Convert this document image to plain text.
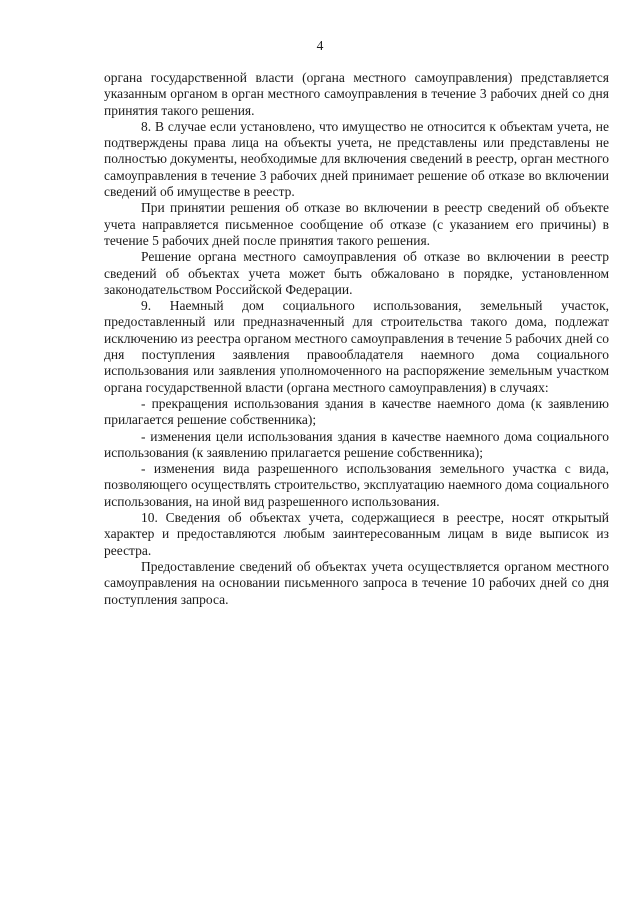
4

органа государственной власти (органа местного самоуправления) представляется указанным органом в орган местного самоуправления в течение 3 рабочих дней со дня принятия такого решения.

8. В случае если установлено, что имущество не относится к объектам учета, не подтверждены права лица на объекты учета, не представлены или представлены не полностью документы, необходимые для включения сведений в реестр, орган местного самоуправления в течение 3 рабочих дней принимает решение об отказе во включении сведений об имуществе в реестр.

При принятии решения об отказе во включении в реестр сведений об объекте учета направляется письменное сообщение об отказе (с указанием его причины) в течение 5 рабочих дней после принятия такого решения.

Решение органа местного самоуправления об отказе во включении в реестр сведений об объектах учета может быть обжаловано в порядке, установленном законодательством Российской Федерации.

9. Наемный дом социального использования, земельный участок, предоставленный или предназначенный для строительства такого дома, подлежат исключению из реестра органом местного самоуправления в течение 5 рабочих дней со дня поступления заявления правообладателя наемного дома социального использования или заявления уполномоченного на распоряжение земельным участком органа государственной власти (органа местного самоуправления) в случаях:

- прекращения использования здания в качестве наемного дома (к заявлению прилагается решение собственника);

- изменения цели использования здания в качестве наемного дома социального использования (к заявлению прилагается решение собственника);

- изменения вида разрешенного использования земельного участка с вида, позволяющего осуществлять строительство, эксплуатацию наемного дома социального использования, на иной вид разрешенного использования.

10. Сведения об объектах учета, содержащиеся в реестре, носят открытый характер и предоставляются любым заинтересованным лицам в виде выписок из реестра.

Предоставление сведений об объектах учета осуществляется органом местного самоуправления на основании письменного запроса в течение 10 рабочих дней со дня поступления запроса.
